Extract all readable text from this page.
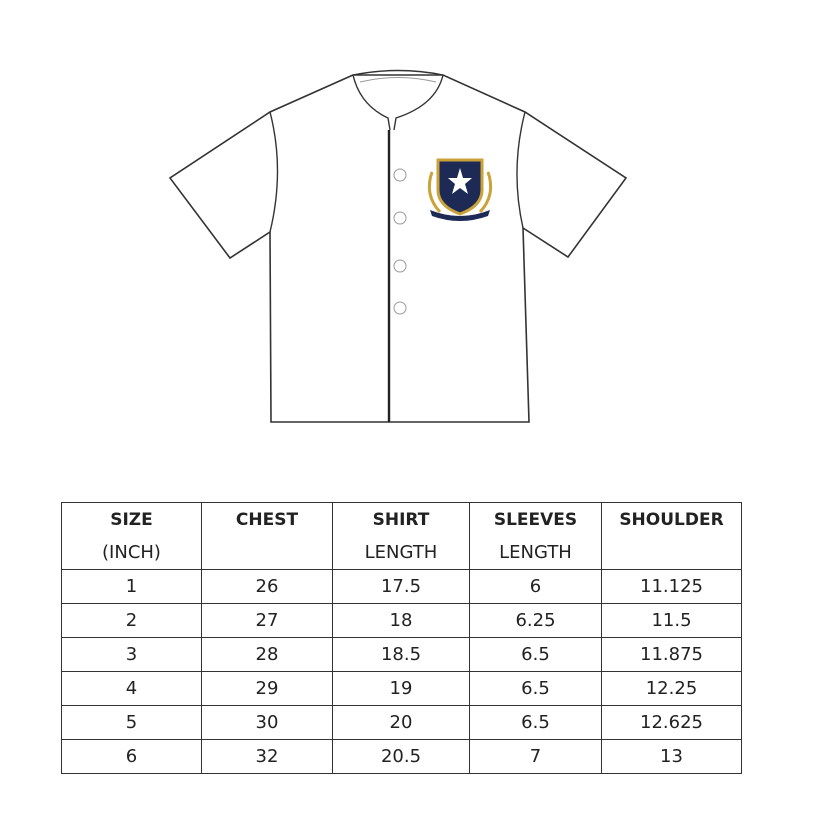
SIZE	CHEST	SHIRT	SLEEVES	SHOULDER
(INCH)		LENGTH	LENGTH	
1	26	17.5	6	11.125
2	27	18	6.25	11.5
3	28	18.5	6.5	11.875
4	29	19	6.5	12.25
5	30	20	6.5	12.625
6	32	20.5	7	13
